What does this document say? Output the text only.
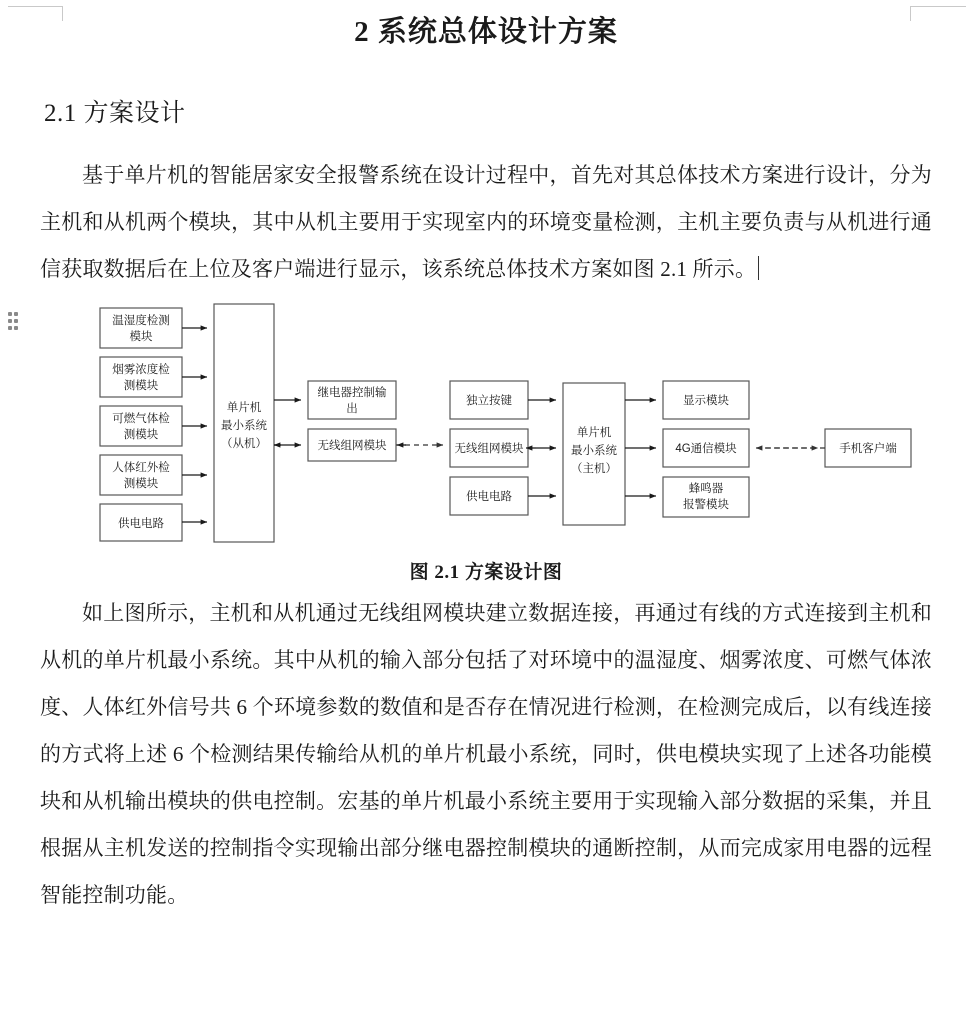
2 系统总体设计方案
2.1 方案设计

基于单片机的智能居家安全报警系统在设计过程中，首先对其总体技术方案进行设计，分为主机和从机两个模块，其中从机主要用于实现室内的环境变量检测，主机主要负责与从机进行通信获取数据后在上位及客户端进行显示，该系统总体技术方案如图 2.1 所示。

温湿度检测
模块
烟雾浓度检
测模块
可燃气体检
测模块
人体红外检
测模块
供电电路
单片机
最小系统
（从机）
继电器控制输
出
无线组网模块
独立按键
无线组网模块
供电电路
单片机
最小系统
（主机）
显示模块
4G通信模块
蜂鸣器
报警模块
手机客户端

图 2.1 方案设计图

如上图所示，主机和从机通过无线组网模块建立数据连接，再通过有线的方式连接到主机和从机的单片机最小系统。其中从机的输入部分包括了对环境中的温湿度、烟雾浓度、可燃气体浓度、人体红外信号共 6 个环境参数的数值和是否存在情况进行检测，在检测完成后，以有线连接的方式将上述 6 个检测结果传输给从机的单片机最小系统，同时，供电模块实现了上述各功能模块和从机输出模块的供电控制。宏基的单片机最小系统主要用于实现输入部分数据的采集，并且根据从主机发送的控制指令实现输出部分继电器控制模块的通断控制，从而完成家用电器的远程智能控制功能。
